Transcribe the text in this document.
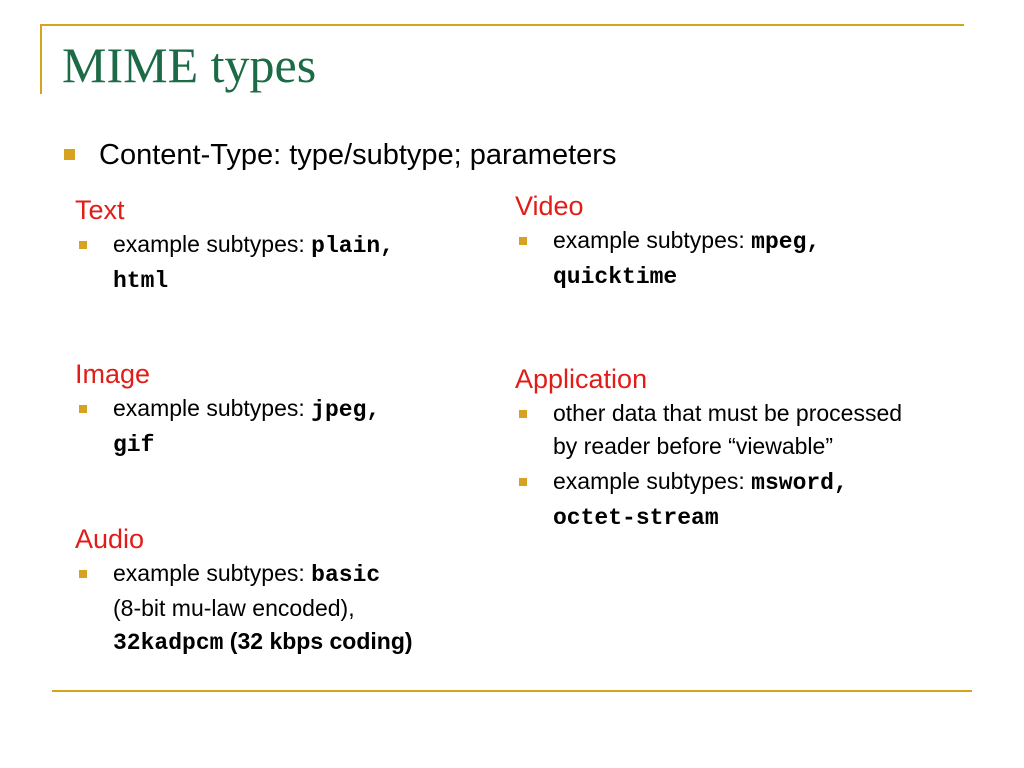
MIME types
Content-Type: type/subtype; parameters
Text
example subtypes: plain,
html
Image
example subtypes: jpeg,
gif
Audio
example subtypes: basic
(8-bit mu-law encoded),
32kadpcm (32 kbps coding)
Video
example subtypes: mpeg,
quicktime
Application
other data that must be processed by reader before “viewable”
example subtypes: msword,
octet-stream
